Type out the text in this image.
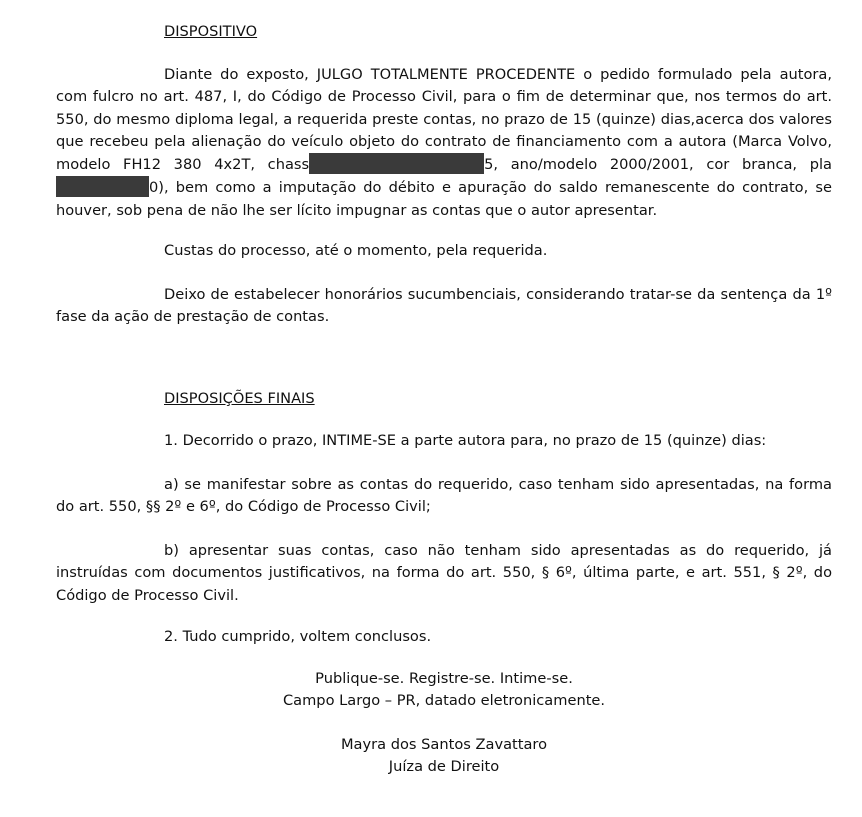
DISPOSITIVO

Diante do exposto, JULGO TOTALMENTE PROCEDENTE o pedido formulado pela autora, com fulcro no art. 487, I, do Código de Processo Civil, para o fim de determinar que, nos termos do art. 550, do mesmo diploma legal, a requerida preste contas, no prazo de 15 (quinze) dias,acerca dos valores que recebeu pela alienação do veículo objeto do contrato de financiamento com a autora (Marca Volvo, modelo FH12 380 4x2T, chass	5, ano/modelo 2000/2001, cor branca, pla0), bem como a imputação do débito e apuração do saldo remanescente do contrato, se houver, sob pena de não lhe ser lícito impugnar as contas que o autor apresentar.

Custas do processo, até o momento, pela requerida.

Deixo de estabelecer honorários sucumbenciais, considerando tratar-se da sentença da 1º fase da ação de prestação de contas.

DISPOSIÇÕES FINAIS

1. Decorrido o prazo, INTIME-SE a parte autora para, no prazo de 15 (quinze) dias:

a) se manifestar sobre as contas do requerido, caso tenham sido apresentadas, na forma do art. 550, §§ 2º e 6º, do Código de Processo Civil;

b) apresentar suas contas, caso não tenham sido apresentadas as do requerido, já instruídas com documentos justificativos, na forma do art. 550, § 6º, última parte, e art. 551, § 2º, do Código de Processo Civil.

2. Tudo cumprido, voltem conclusos.

Publique-se. Registre-se. Intime-se.
Campo Largo – PR, datado eletronicamente.
Mayra dos Santos Zavattaro
Juíza de Direito
